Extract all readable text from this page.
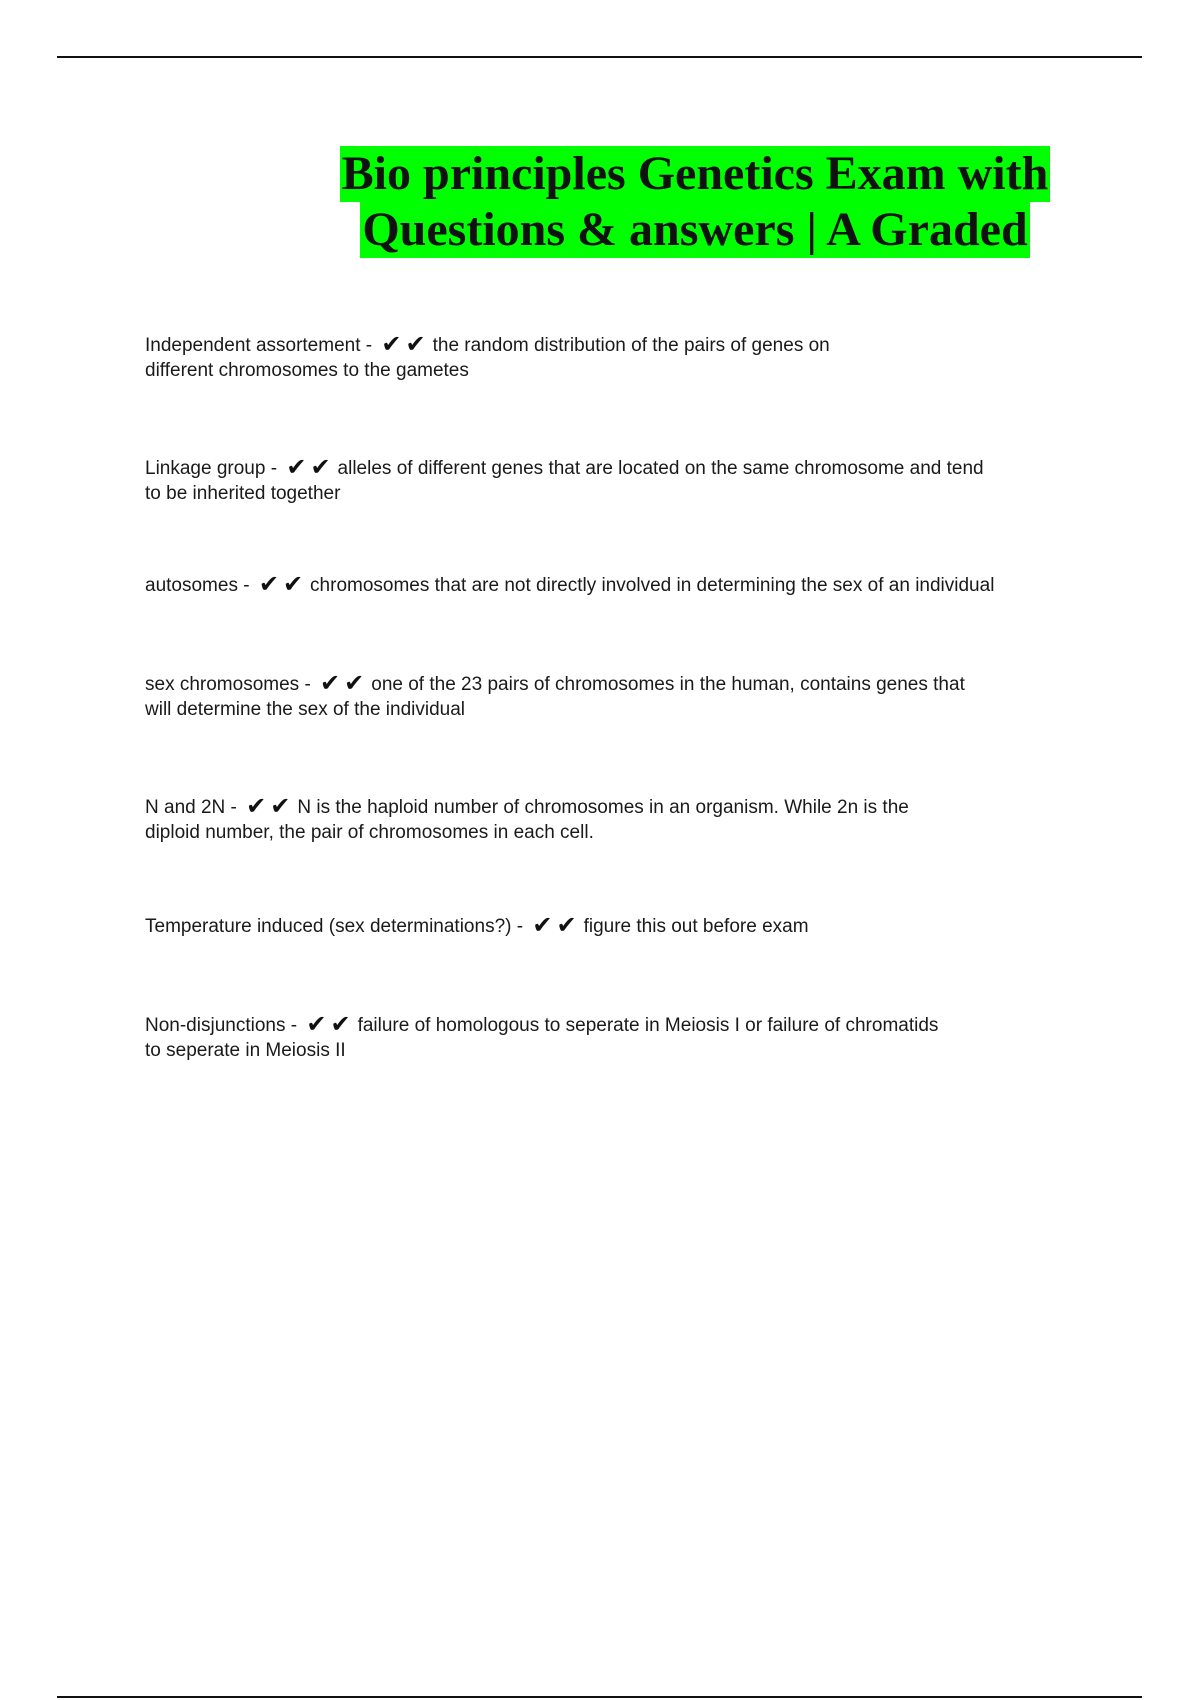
Bio principles Genetics Exam with
Questions & answers | A Graded
Independent assortement - ✔✔ the random distribution of the pairs of genes on
different chromosomes to the gametes
Linkage group - ✔✔ alleles of different genes that are located on the same chromosome and tend
to be inherited together
autosomes - ✔✔ chromosomes that are not directly involved in determining the sex of an individual
sex chromosomes - ✔✔ one of the 23 pairs of chromosomes in the human, contains genes that
will determine the sex of the individual
N and 2N - ✔✔ N is the haploid number of chromosomes in an organism. While 2n is the
diploid number, the pair of chromosomes in each cell.
Temperature induced (sex determinations?) - ✔✔ figure this out before exam
Non-disjunctions - ✔✔ failure of homologous to seperate in Meiosis I or failure of chromatids
to seperate in Meiosis II
